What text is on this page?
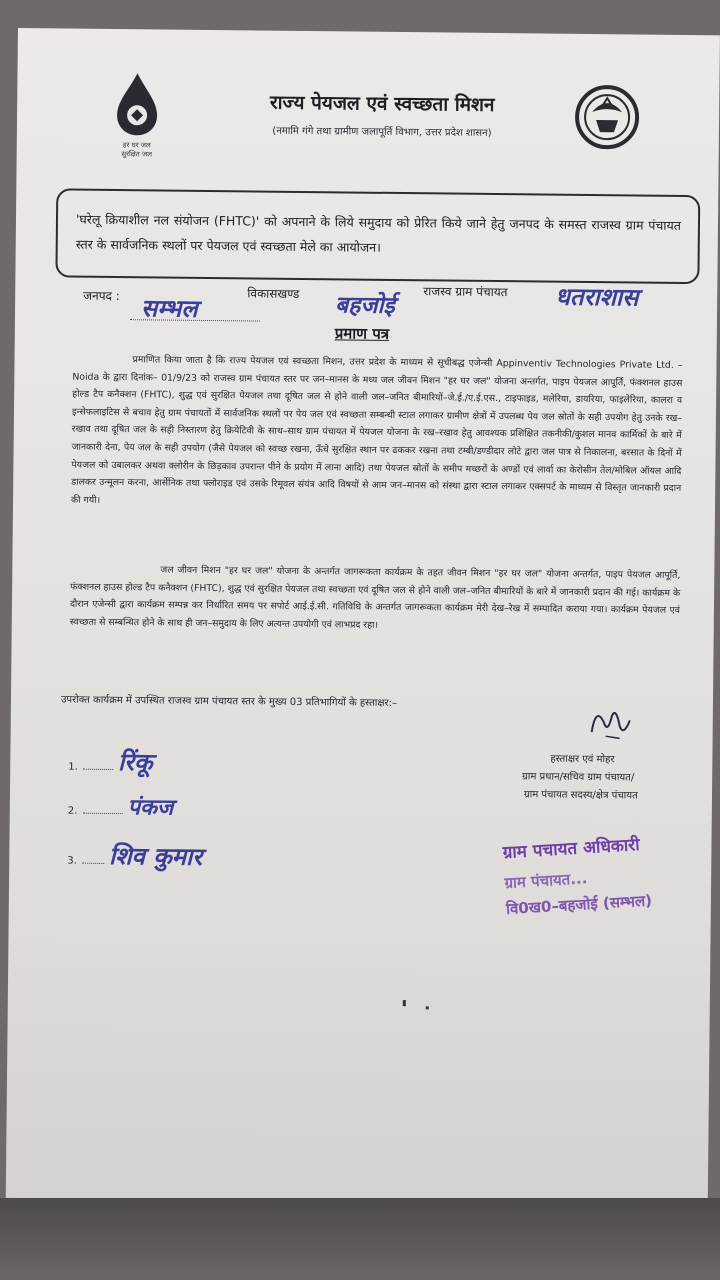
हर घर जल
सुरक्षित जल
राज्य पेयजल एवं स्वच्छता मिशन
(नमामि गंगे तथा ग्रामीण जलापूर्ति विभाग, उत्तर प्रदेश शासन)
'घरेलू क्रियाशील नल संयोजन (FHTC)' को अपनाने के लिये समुदाय को प्रेरित किये जाने हेतु जनपद के समस्त राजस्व ग्राम पंचायत स्तर के सार्वजनिक स्थलों पर पेयजल एवं स्वच्छता मेले का आयोजन।
जनपद : सम्भल	विकासखण्ड बहजोई राजस्व ग्राम पंचायत धतराशास
प्रमाण पत्र
प्रमाणित किया जाता है कि राज्य पेयजल एवं स्वच्छता मिशन, उत्तर प्रदेश के माध्यम से सूचीबद्ध एजेन्सी Appinventiv Technologies Private Ltd. – Noida के द्वारा दिनांक– 01/9/23 को राजस्व ग्राम पंचायत स्तर पर जन–मानस के मध्य जल जीवन मिशन "हर घर जल" योजना अन्तर्गत, पाइप पेयजल आपूर्ति, फंक्शनल हाउस होल्ड टैप कनैक्शन (FHTC), शुद्ध एवं सुरक्षित पेयजल तथा दूषित जल से होने वाली जल–जनित बीमारियों–जे.ई./ए.ई.एस., टाइफाइड, मलेरिया, डायरिया, फाइलेरिया, कालरा व इन्सेफलाइटिस से बचाव हेतु ग्राम पंचायतों में सार्वजनिक स्थलों पर पेय जल एवं स्वच्छता सम्बन्धी स्टाल लगाकर ग्रामीण क्षेत्रों में उपलब्ध पेय जल स्रोतों के सही उपयोग हेतु उनके रख–रखाव तथा दूषित जल के सही निस्तारण हेतु क्रियेटिवी के साथ–साथ ग्राम पंचायत में पेयजल योजना के रख–रखाव हेतु आवश्यक प्रशिक्षित तकनीकी/कुशल मानव कार्मिकों के बारे में जानकारी देना, पेय जल के सही उपयोग (जैसे पेयजल को स्वच्छ रखना, ऊँचे सुरक्षित स्थान पर ढककर रखना तथा टम्बी/डण्डीदार लोटे द्वारा जल पात्र से निकालना, बरसात के दिनों में पेयजल को उबालकर अथवा क्लोरीन के छिड़काव उपरान्त पीने के प्रयोग में लाना आदि) तथा पेयजल स्रोतों के समीप मच्छरों के अण्डों एवं लार्वा का केरोसीन तेल/मोबिल ऑयल आदि डालकर उन्मूलन करना, आर्सेनिक तथा फ्लोराइड एवं उसके रिमूवल संयंत्र आदि विषयों से आम जन–मानस को संस्था द्वारा स्टाल लगाकर एक्सपर्ट के माध्यम से विस्तृत जानकारी प्रदान की गयी।
जल जीवन मिशन "हर घर जल" योजना के अन्तर्गत जागरूकता कार्यक्रम के तहत जीवन मिशन "हर घर जल" योजना अन्तर्गत, पाइप पेयजल आपूर्ति, फंक्शनल हाउस होल्ड टैप कनैक्शन (FHTC), शुद्ध एवं सुरक्षित पेयजल तथा स्वच्छता एवं दूषित जल से होने वाली जल–जनित बीमारियों के बारे में जानकारी प्रदान की गई। कार्यक्रम के दौरान एजेन्सी द्वारा कार्यक्रम सम्पन्न कर निर्धारित समय पर सपोर्ट आई.ई.सी. गतिविधि के अन्तर्गत जागरूकता कार्यक्रम मेरी देख–रेख में सम्पादित कराया गया। कार्यक्रम पेयजल एवं स्वच्छता से सम्बन्धित होने के साथ ही जन–समुदाय के लिए अत्यन्त उपयोगी एवं लाभप्रद रहा।
उपरोक्त कार्यक्रम में उपस्थित राजस्व ग्राम पंचायत स्तर के मुख्य 03 प्रतिभागियों के हस्ताक्षर:–
1. रिंकू
2. पंकज
3. शिव कुमार
हस्ताक्षर एवं मोहर
ग्राम प्रधान/सचिव ग्राम पंचायत/
ग्राम पंचायत सदस्य/क्षेत्र पंचायत
ग्राम पचायत अधिकारी
ग्राम पंचायत...
वि0ख0–बहजोई (सम्भल)
